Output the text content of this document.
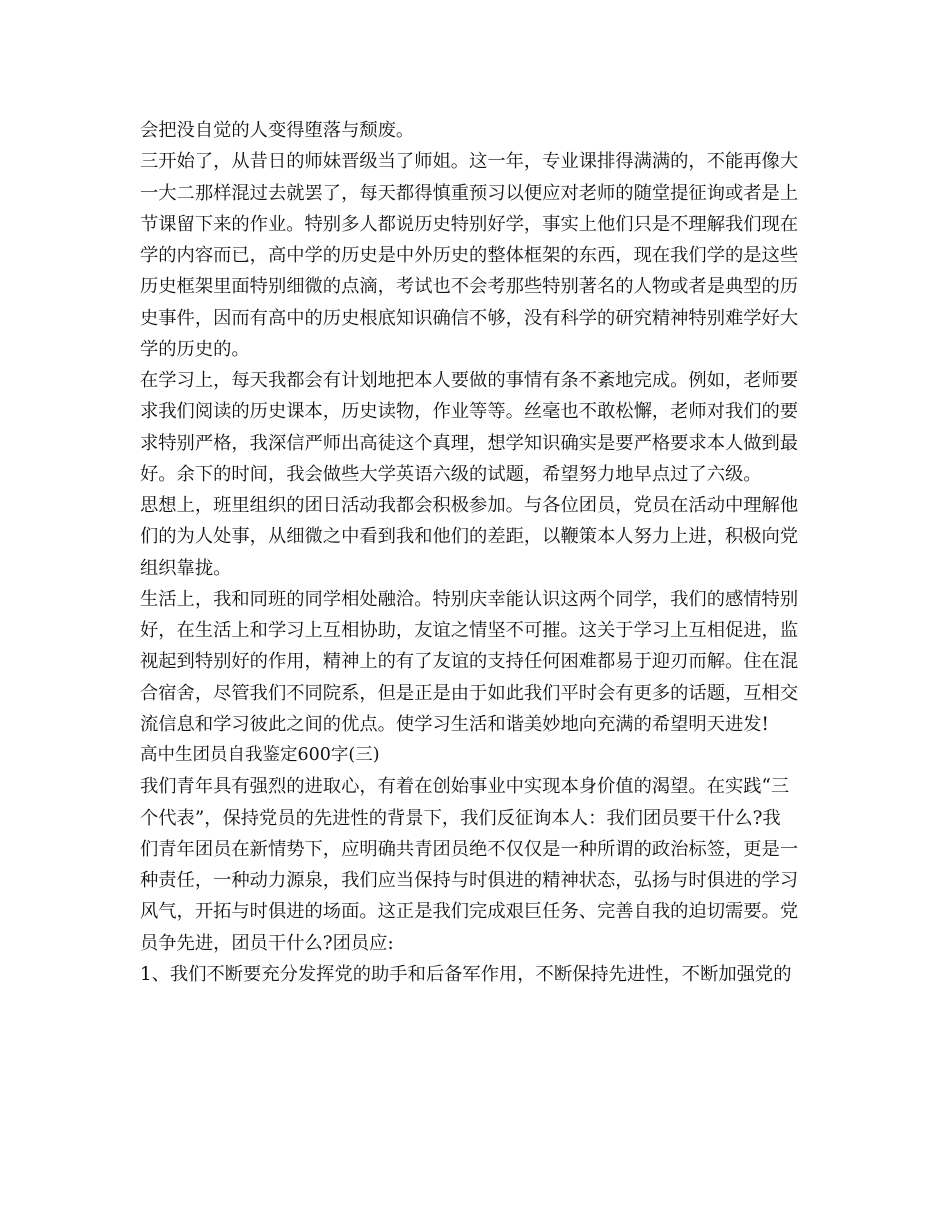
会把没自觉的人变得堕落与颓废。
三开始了，从昔日的师妹晋级当了师姐。这一年，专业课排得满满的，不能再像大
一大二那样混过去就罢了，每天都得慎重预习以便应对老师的随堂提征询或者是上
节课留下来的作业。特别多人都说历史特别好学，事实上他们只是不理解我们现在
学的内容而已，高中学的历史是中外历史的整体框架的东西，现在我们学的是这些
历史框架里面特别细微的点滴，考试也不会考那些特别著名的人物或者是典型的历
史事件，因而有高中的历史根底知识确信不够，没有科学的研究精神特别难学好大
学的历史的。
在学习上，每天我都会有计划地把本人要做的事情有条不紊地完成。例如，老师要
求我们阅读的历史课本，历史读物，作业等等。丝毫也不敢松懈，老师对我们的要
求特别严格，我深信严师出高徒这个真理，想学知识确实是要严格要求本人做到最
好。余下的时间，我会做些大学英语六级的试题，希望努力地早点过了六级。
思想上，班里组织的团日活动我都会积极参加。与各位团员，党员在活动中理解他
们的为人处事，从细微之中看到我和他们的差距，以鞭策本人努力上进，积极向党
组织靠拢。
生活上，我和同班的同学相处融洽。特别庆幸能认识这两个同学，我们的感情特别
好，在生活上和学习上互相协助，友谊之情坚不可摧。这关于学习上互相促进，监
视起到特别好的作用，精神上的有了友谊的支持任何困难都易于迎刃而解。住在混
合宿舍，尽管我们不同院系，但是正是由于如此我们平时会有更多的话题，互相交
流信息和学习彼此之间的优点。使学习生活和谐美妙地向充满的希望明天进发!
高中生团员自我鉴定600字(三)
我们青年具有强烈的进取心，有着在创始事业中实现本身价值的渴望。在实践“三
个代表”，保持党员的先进性的背景下，我们反征询本人：我们团员要干什么?我
们青年团员在新情势下，应明确共青团员绝不仅仅是一种所谓的政治标签，更是一
种责任，一种动力源泉，我们应当保持与时俱进的精神状态，弘扬与时俱进的学习
风气，开拓与时俱进的场面。这正是我们完成艰巨任务、完善自我的迫切需要。党
员争先进，团员干什么?团员应:
1、我们不断要充分发挥党的助手和后备军作用，不断保持先进性，不断加强党的
